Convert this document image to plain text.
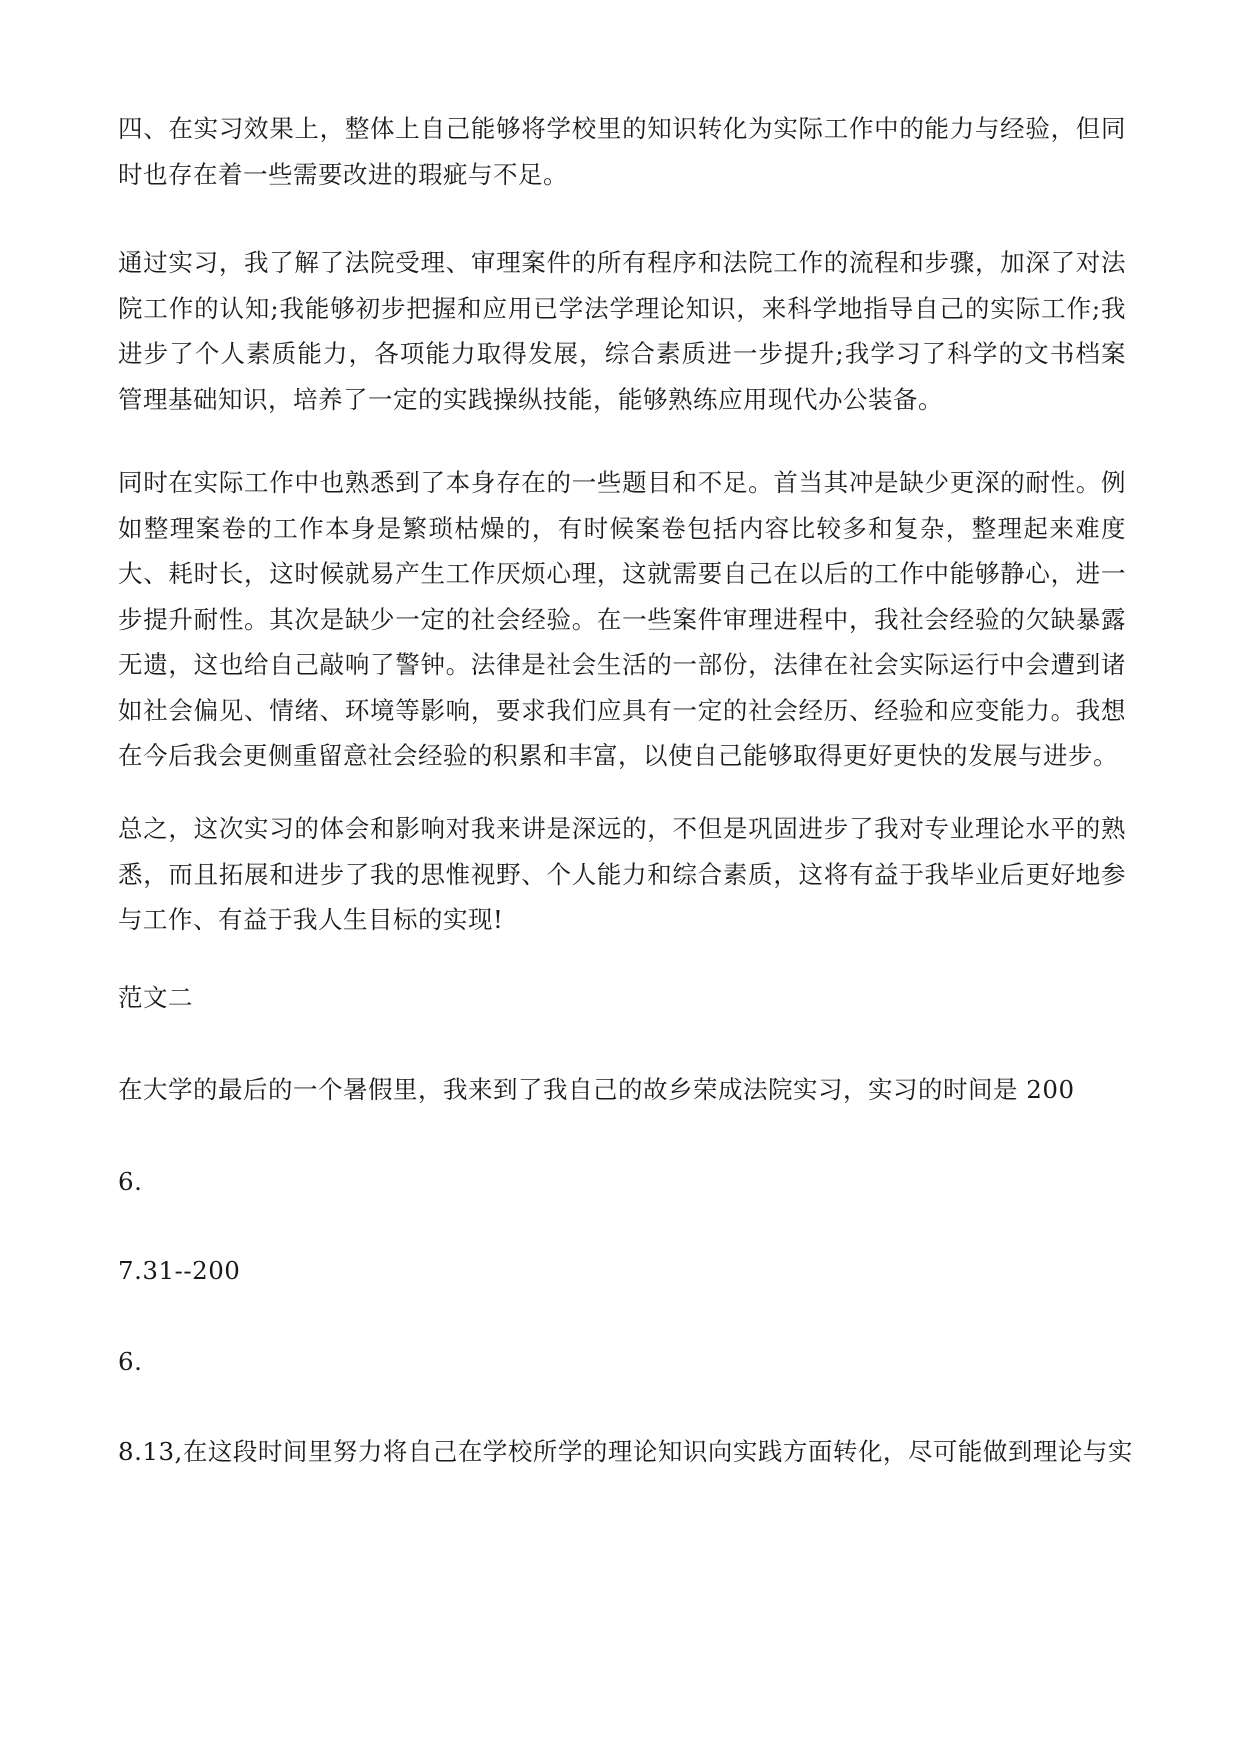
四、在实习效果上，整体上自己能够将学校里的知识转化为实际工作中的能力与经验，但同时也存在着一些需要改进的瑕疵与不足。

通过实习，我了解了法院受理、审理案件的所有程序和法院工作的流程和步骤，加深了对法院工作的认知;我能够初步把握和应用已学法学理论知识，来科学地指导自己的实际工作;我进步了个人素质能力，各项能力取得发展，综合素质进一步提升;我学习了科学的文书档案管理基础知识，培养了一定的实践操纵技能，能够熟练应用现代办公装备。

同时在实际工作中也熟悉到了本身存在的一些题目和不足。首当其冲是缺少更深的耐性。例如整理案卷的工作本身是繁琐枯燥的，有时候案卷包括内容比较多和复杂，整理起来难度大、耗时长，这时候就易产生工作厌烦心理，这就需要自己在以后的工作中能够静心，进一步提升耐性。其次是缺少一定的社会经验。在一些案件审理进程中，我社会经验的欠缺暴露无遗，这也给自己敲响了警钟。法律是社会生活的一部份，法律在社会实际运行中会遭到诸如社会偏见、情绪、环境等影响，要求我们应具有一定的社会经历、经验和应变能力。我想在今后我会更侧重留意社会经验的积累和丰富，以使自己能够取得更好更快的发展与进步。

总之，这次实习的体会和影响对我来讲是深远的，不但是巩固进步了我对专业理论水平的熟悉，而且拓展和进步了我的思惟视野、个人能力和综合素质，这将有益于我毕业后更好地参与工作、有益于我人生目标的实现!

范文二

在大学的最后的一个暑假里，我来到了我自己的故乡荣成法院实习，实习的时间是 200

6.

7.31--200

6.

8.13,在这段时间里努力将自己在学校所学的理论知识向实践方面转化，尽可能做到理论与实
